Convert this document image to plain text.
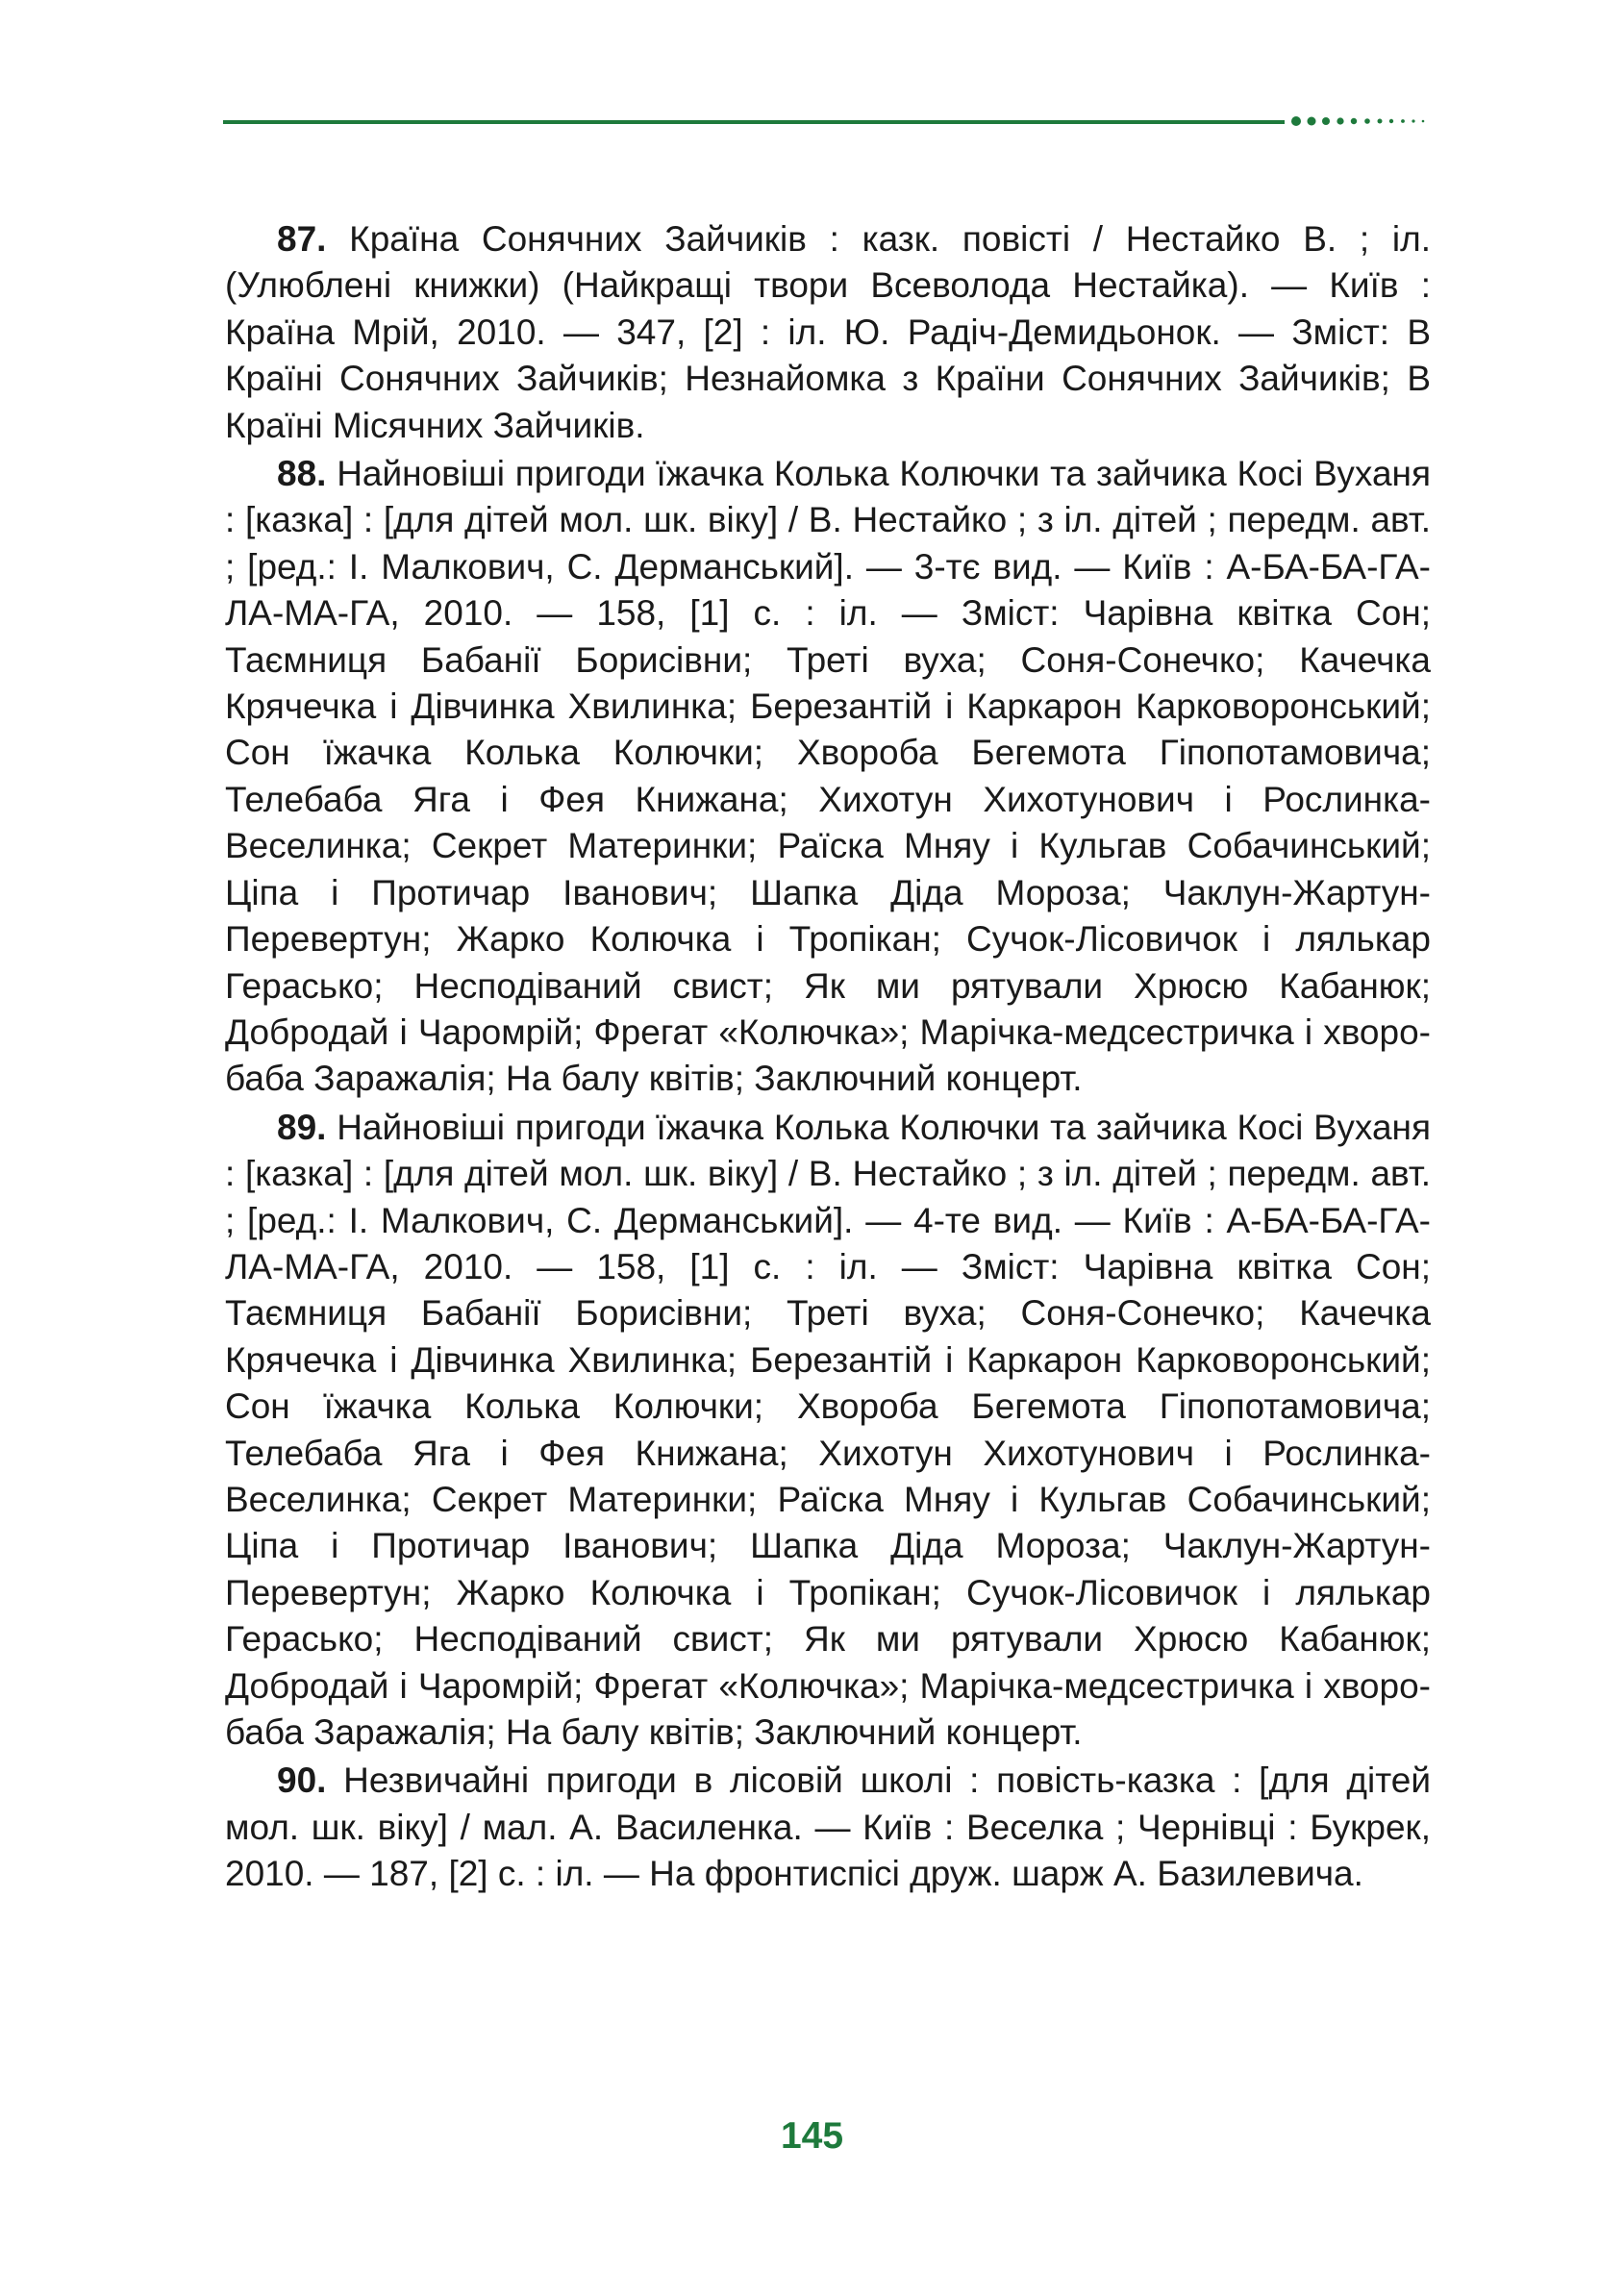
87. Країна Сонячних Зайчиків : казк. повісті / Нестайко В. ; іл. (Улюблені книжки) (Найкращі твори Всеволода Нестайка). — Київ : Країна Мрій, 2010. — 347, [2] : іл. Ю. Радіч-Демидьонок. — Зміст: В Країні Сонячних Зайчиків; Незнайомка з Країни Сонячних Зайчиків; В Країні Місячних Зайчиків.

88. Найновіші пригоди їжачка Колька Колючки та зайчика Косі Вуханя : [казка] : [для дітей мол. шк. віку] / В. Нестайко ; з іл. дітей ; передм. авт. ; [ред.: І. Малкович, С. Дерманський]. — 3-тє вид. — Київ : А-БА-БА-ГА-ЛА-МА-ГА, 2010. — 158, [1] с. : іл. — Зміст: Чарівна квітка Сон; Таємниця Бабанії Борисівни; Треті вуха; Соня-Сонечко; Качечка Крячечка і Дівчинка Хвилинка; Березантій і Каркарон Карковоронський; Сон їжачка Колька Колючки; Хвороба Бегемота Гіпопотамовича; Телебаба Яга і Фея Книжана; Хихотун Хихотунович і Рослинка-Веселинка; Секрет Материнки; Раїска Мняу і Кульгав Собачинський; Ціпа і Протичар Іванович; Шапка Діда Мороза; Чаклун-Жартун-Перевертун; Жарко Колючка і Тропікан; Сучок-Лісовичок і лялькар Герасько; Несподіваний свист; Як ми рятували Хрюсю Кабанюк; Добродай і Чаромрій; Фрегат «Колючка»; Марічка-медсестричка і хворо-баба Заражалія; На балу квітів; Заключний концерт.

89. Найновіші пригоди їжачка Колька Колючки та зайчика Косі Вуханя : [казка] : [для дітей мол. шк. віку] / В. Нестайко ; з іл. дітей ; передм. авт. ; [ред.: І. Малкович, С. Дерманський]. — 4-те вид. — Київ : А-БА-БА-ГА-ЛА-МА-ГА, 2010. — 158, [1] с. : іл. — Зміст: Чарівна квітка Сон; Таємниця Бабанії Борисівни; Треті вуха; Соня-Сонечко; Качечка Крячечка і Дівчинка Хвилинка; Березантій і Каркарон Карковоронський; Сон їжачка Колька Колючки; Хвороба Бегемота Гіпопотамовича; Телебаба Яга і Фея Книжана; Хихотун Хихотунович і Рослинка-Веселинка; Секрет Материнки; Раїска Мняу і Кульгав Собачинський; Ціпа і Протичар Іванович; Шапка Діда Мороза; Чаклун-Жартун-Перевертун; Жарко Колючка і Тропікан; Сучок-Лісовичок і лялькар Герасько; Несподіваний свист; Як ми рятували Хрюсю Кабанюк; Добродай і Чаромрій; Фрегат «Колючка»; Марічка-медсестричка і хворо-баба Заражалія; На балу квітів; Заключний концерт.

90. Незвичайні пригоди в лісовій школі : повість-казка : [для дітей мол. шк. віку] / мал. А. Василенка. — Київ : Веселка ; Чернівці : Букрек, 2010. — 187, [2] с. : іл. — На фронтиспісі друж. шарж А. Базилевича.

145
